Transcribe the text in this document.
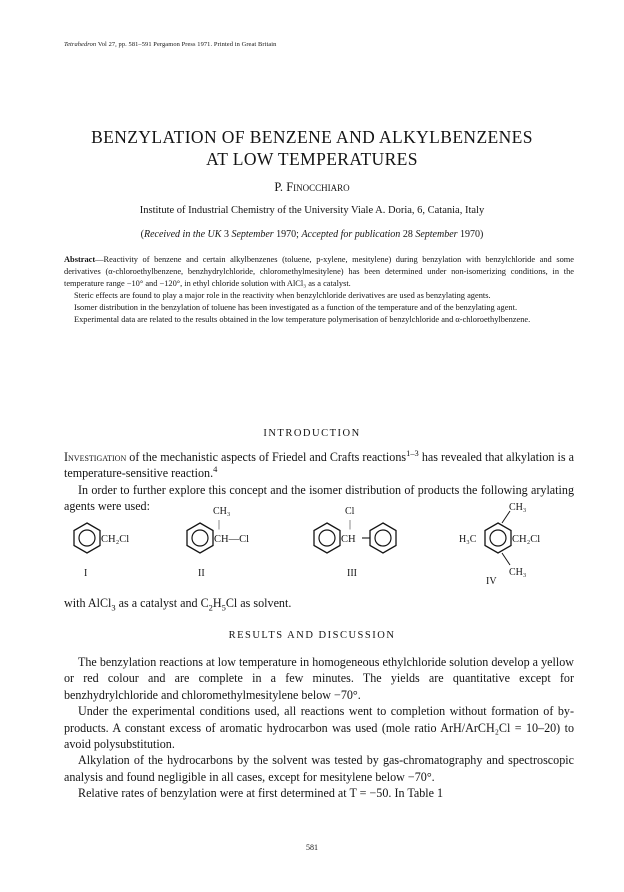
Tetrahedron Vol 27, pp. 581–591 Pergamon Press 1971. Printed in Great Britain
BENZYLATION OF BENZENE AND ALKYLBENZENES
AT LOW TEMPERATURES
P. Finocchiaro
Institute of Industrial Chemistry of the University Viale A. Doria, 6, Catania, Italy
(Received in the UK 3 September 1970; Accepted for publication 28 September 1970)

Abstract—Reactivity of benzene and certain alkylbenzenes (toluene, p-xylene, mesitylene) during benzylation with benzylchloride and some derivatives (α-chloroethylbenzene, benzhydrylchloride, chloromethylmesitylene) has been determined under non-isomerizing conditions, in the temperature range −10° and −120°, in ethyl chloride solution with AlCl₃ as a catalyst.

Steric effects are found to play a major role in the reactivity when benzylchloride derivatives are used as benzylating agents.

Isomer distribution in the benzylation of toluene has been investigated as a function of the temperature and of the benzylating agent.

Experimental data are related to the results obtained in the low temperature polymerisation of benzylchloride and α-chloroethylbenzene.

INTRODUCTION

Investigation of the mechanistic aspects of Friedel and Crafts reactions$^{1-3}$ has revealed that alkylation is a temperature-sensitive reaction.$^4$

In order to further explore this concept and the isomer distribution of products the following arylating agents were used:

CH₂Cl
I
CH₃
|
CH—Cl
II
Cl
|
CH
III
CH₃
H₃C	CH₂Cl
CH₃
IV
with AlCl$_3$ as a catalyst and $C_2H_5Cl$ as solvent.
RESULTS AND DISCUSSION

The benzylation reactions at low temperature in homogeneous ethylchloride solution develop a yellow or red colour and are complete in a few minutes. The yields are quantitative except for benzhydrylchloride and chloromethylmesitylene below −70°.

Under the experimental conditions used, all reactions went to completion without formation of by-products. A constant excess of aromatic hydrocarbon was used (mole ratio ArH/ArCH₂Cl = 10–20) to avoid polysubstitution.

Alkylation of the hydrocarbons by the solvent was tested by gas-chromatography and spectroscopic analysis and found negligible in all cases, except for mesitylene below −70°.

Relative rates of benzylation were at first determined at T = −50. In Table 1

581
